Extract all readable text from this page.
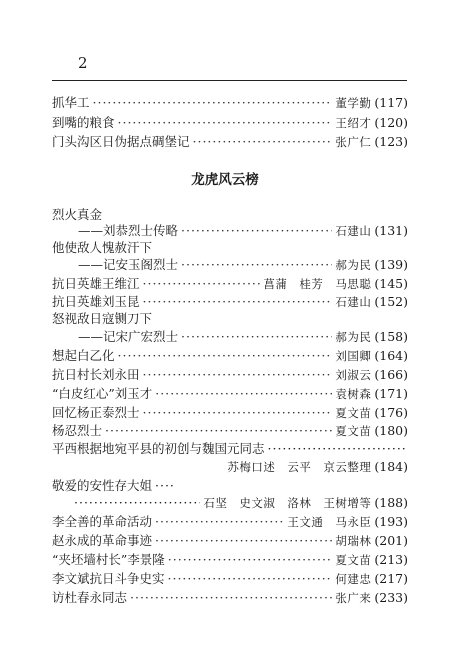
2
抓华工 ·····	董学勤 (117)
到嘴的粮食 ·····	王绍才 (120)
门头沟区日伪据点碉堡记 ·····	张广仁 (123)
龙虎风云榜
烈火真金
——刘恭烈士传略 ·····	石建山 (131)
他使敌人愧赦汗下
——记安玉阁烈士 ·····	郝为民 (139)
抗日英雄王维江 ·····	菖蒲　桂芳　马思聪 (145)
抗日英雄刘玉昆 ·····	石建山 (152)
怒视敌日寇铡刀下
——记宋广宏烈士 ·····	郝为民 (158)
想起白乙化 ·····	刘国卿 (164)
抗日村长刘永田 ·····	刘淑云 (166)
“白皮红心”刘玉才 ·····	袁树森 (171)
回忆杨正泰烈士 ·····	夏文苗 (176)
杨忍烈士 ·····	夏文苗 (180)
平西根据地宛平县的初创与魏国元同志
·····
苏梅口述　云平　京云整理 (184)
敬爱的安性存大姐
·····
·····
石坚　史文淑　洛林　王树增等 (188)
李全善的革命活动 ·····	王文通　马永臣 (193)
赵永成的革命事迹 ·····	胡瑞林 (201)
“夹坯墙村长”李景隆 ·····	夏文苗 (213)
李文斌抗日斗争史实 ·····	何建忠 (217)
访杜春永同志 ·····	张广来 (233)
